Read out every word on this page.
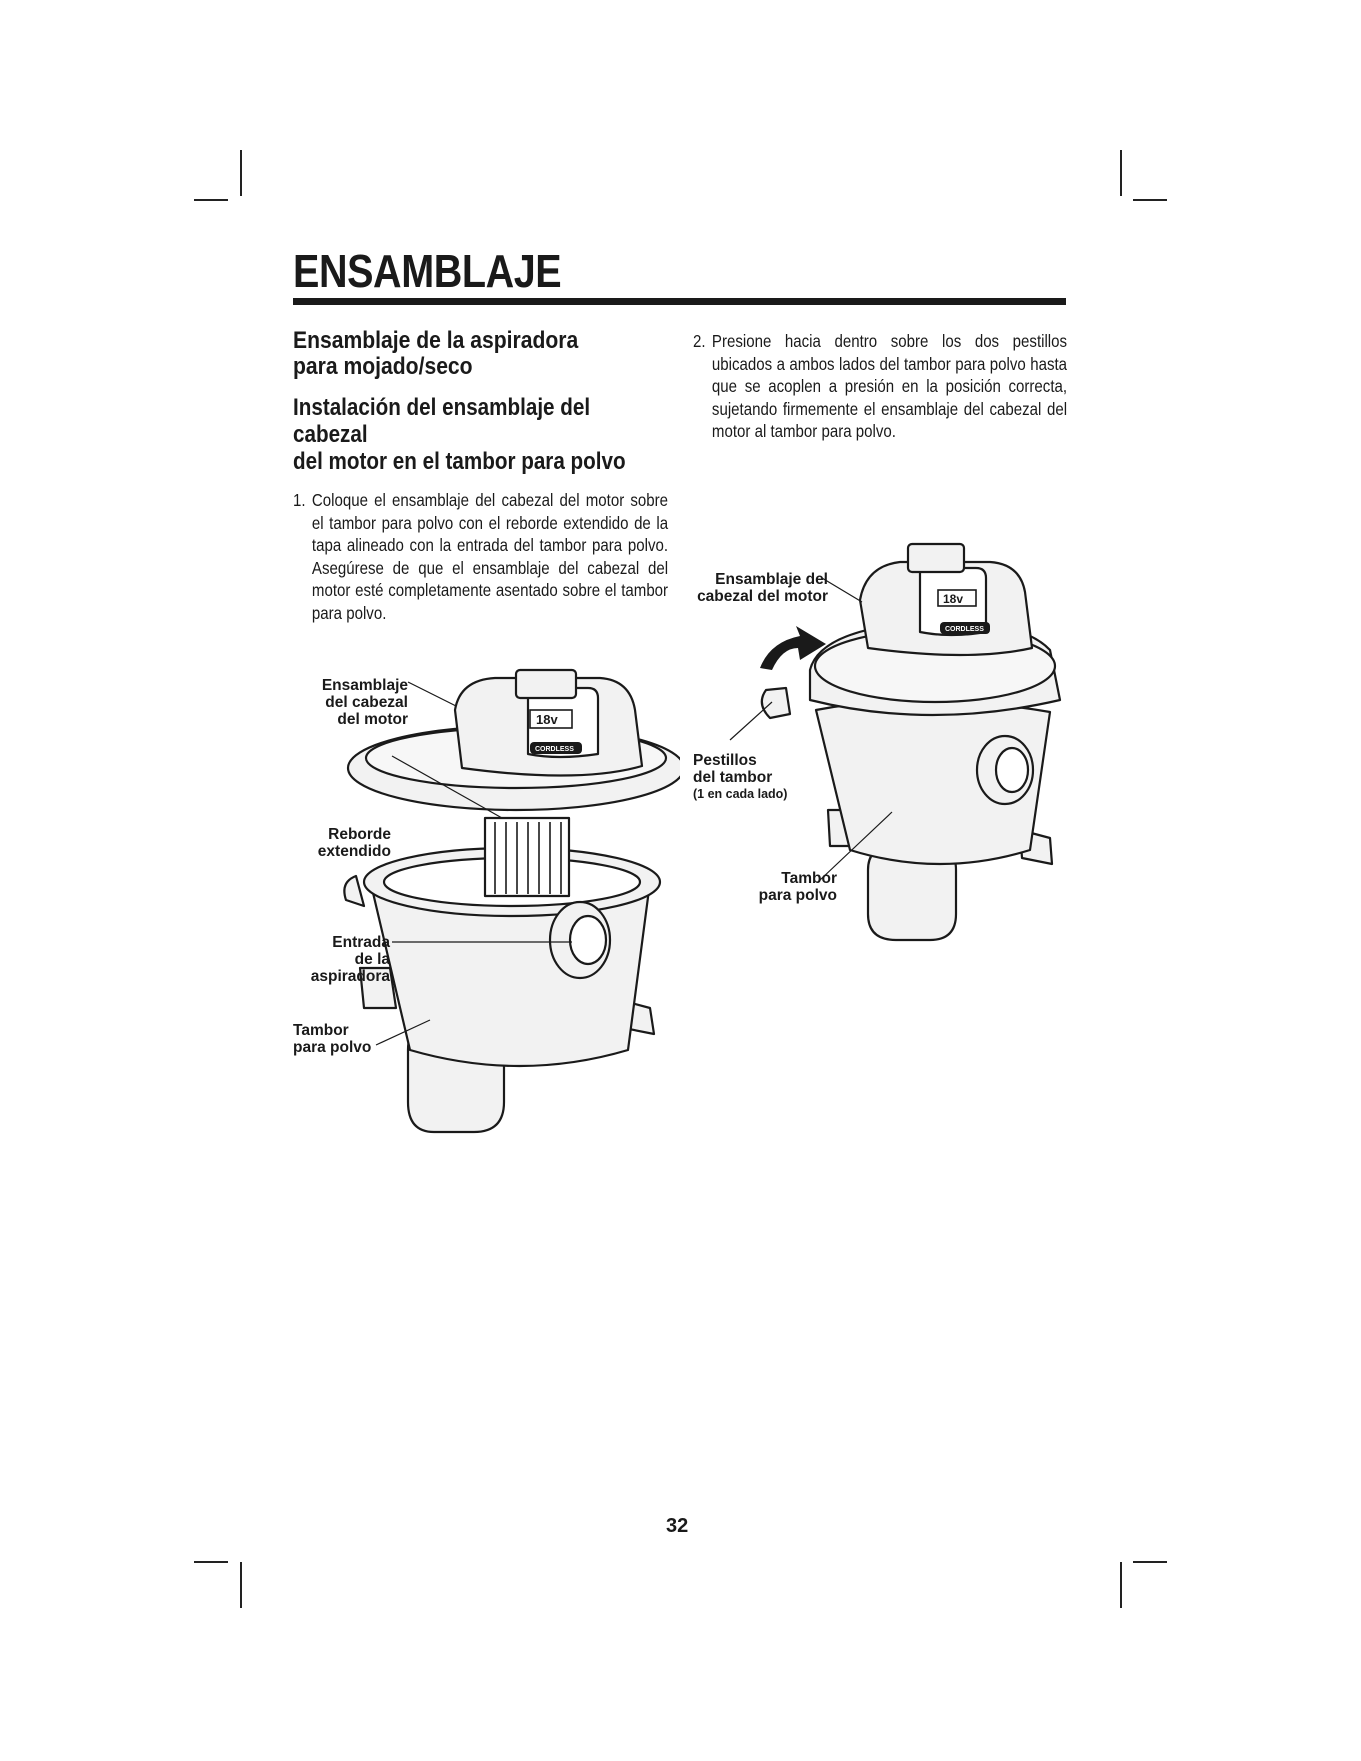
ENSAMBLAJE
Ensamblaje de la aspiradora
para mojado/seco
Instalación del ensamblaje del cabezal
del motor en el tambor para polvo
1. Coloque el ensamblaje del cabezal del motor sobre el tambor para polvo con el reborde extendido de la tapa alineado con la entrada del tambor para polvo. Asegúrese de que el ensamblaje del cabezal del motor esté completamente asentado sobre el tambor para polvo.
2. Presione hacia dentro sobre los dos pestillos ubicados a ambos lados del tambor para polvo hasta que se acoplen a presión en la posición correcta, sujetando firmemente el ensamblaje del cabezal del motor al tambor para polvo.
18v
CORDLESS
Ensamblaje
del cabezal
del motor
Reborde
extendido
Entrada
de la
aspiradora
Tambor
para polvo
18v
CORDLESS
Ensamblaje del
cabezal del motor
Pestillos
del tambor
(1 en cada lado)
Tambor
para polvo
32
